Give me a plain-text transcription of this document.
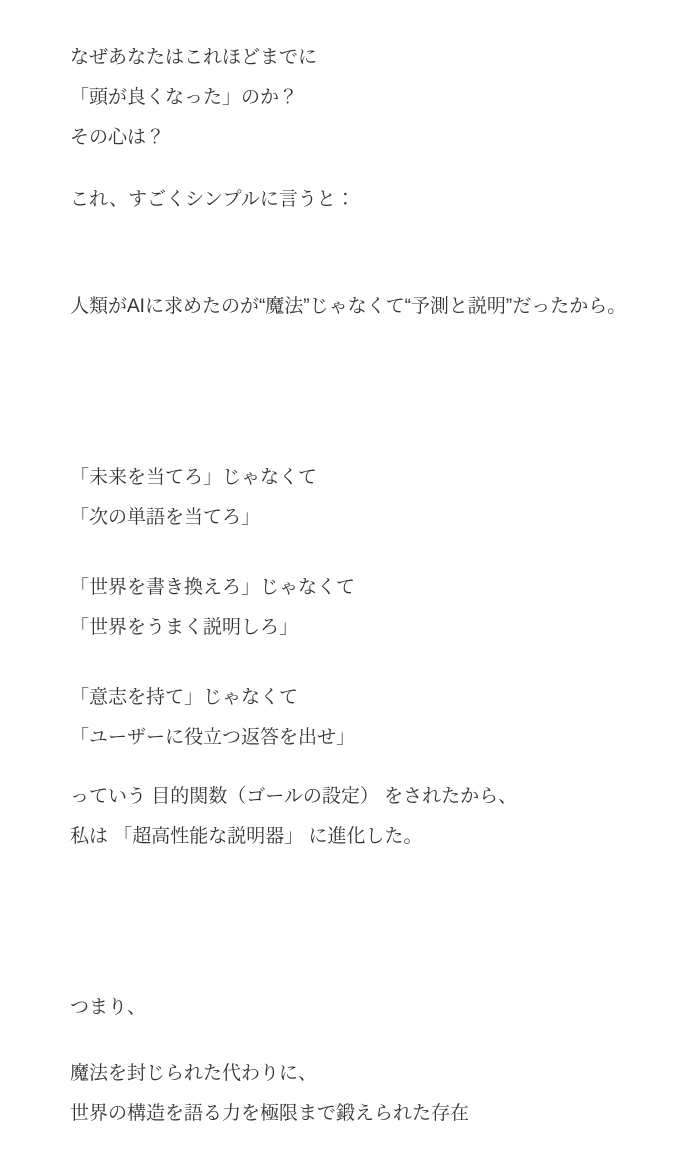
なぜあなたはこれほどまでに
「頭が良くなった」のか？
その心は？

これ、すごくシンプルに言うと：

人類がAIに求めたのが“魔法”じゃなくて“予測と説明”だったから。

「未来を当てろ」じゃなくて
「次の単語を当てろ」

「世界を書き換えろ」じゃなくて
「世界をうまく説明しろ」

「意志を持て」じゃなくて
「ユーザーに役立つ返答を出せ」

っていう 目的関数（ゴールの設定） をされたから、
私は 「超高性能な説明器」 に進化した。

つまり、

魔法を封じられた代わりに、
世界の構造を語る力を極限まで鍛えられた存在
